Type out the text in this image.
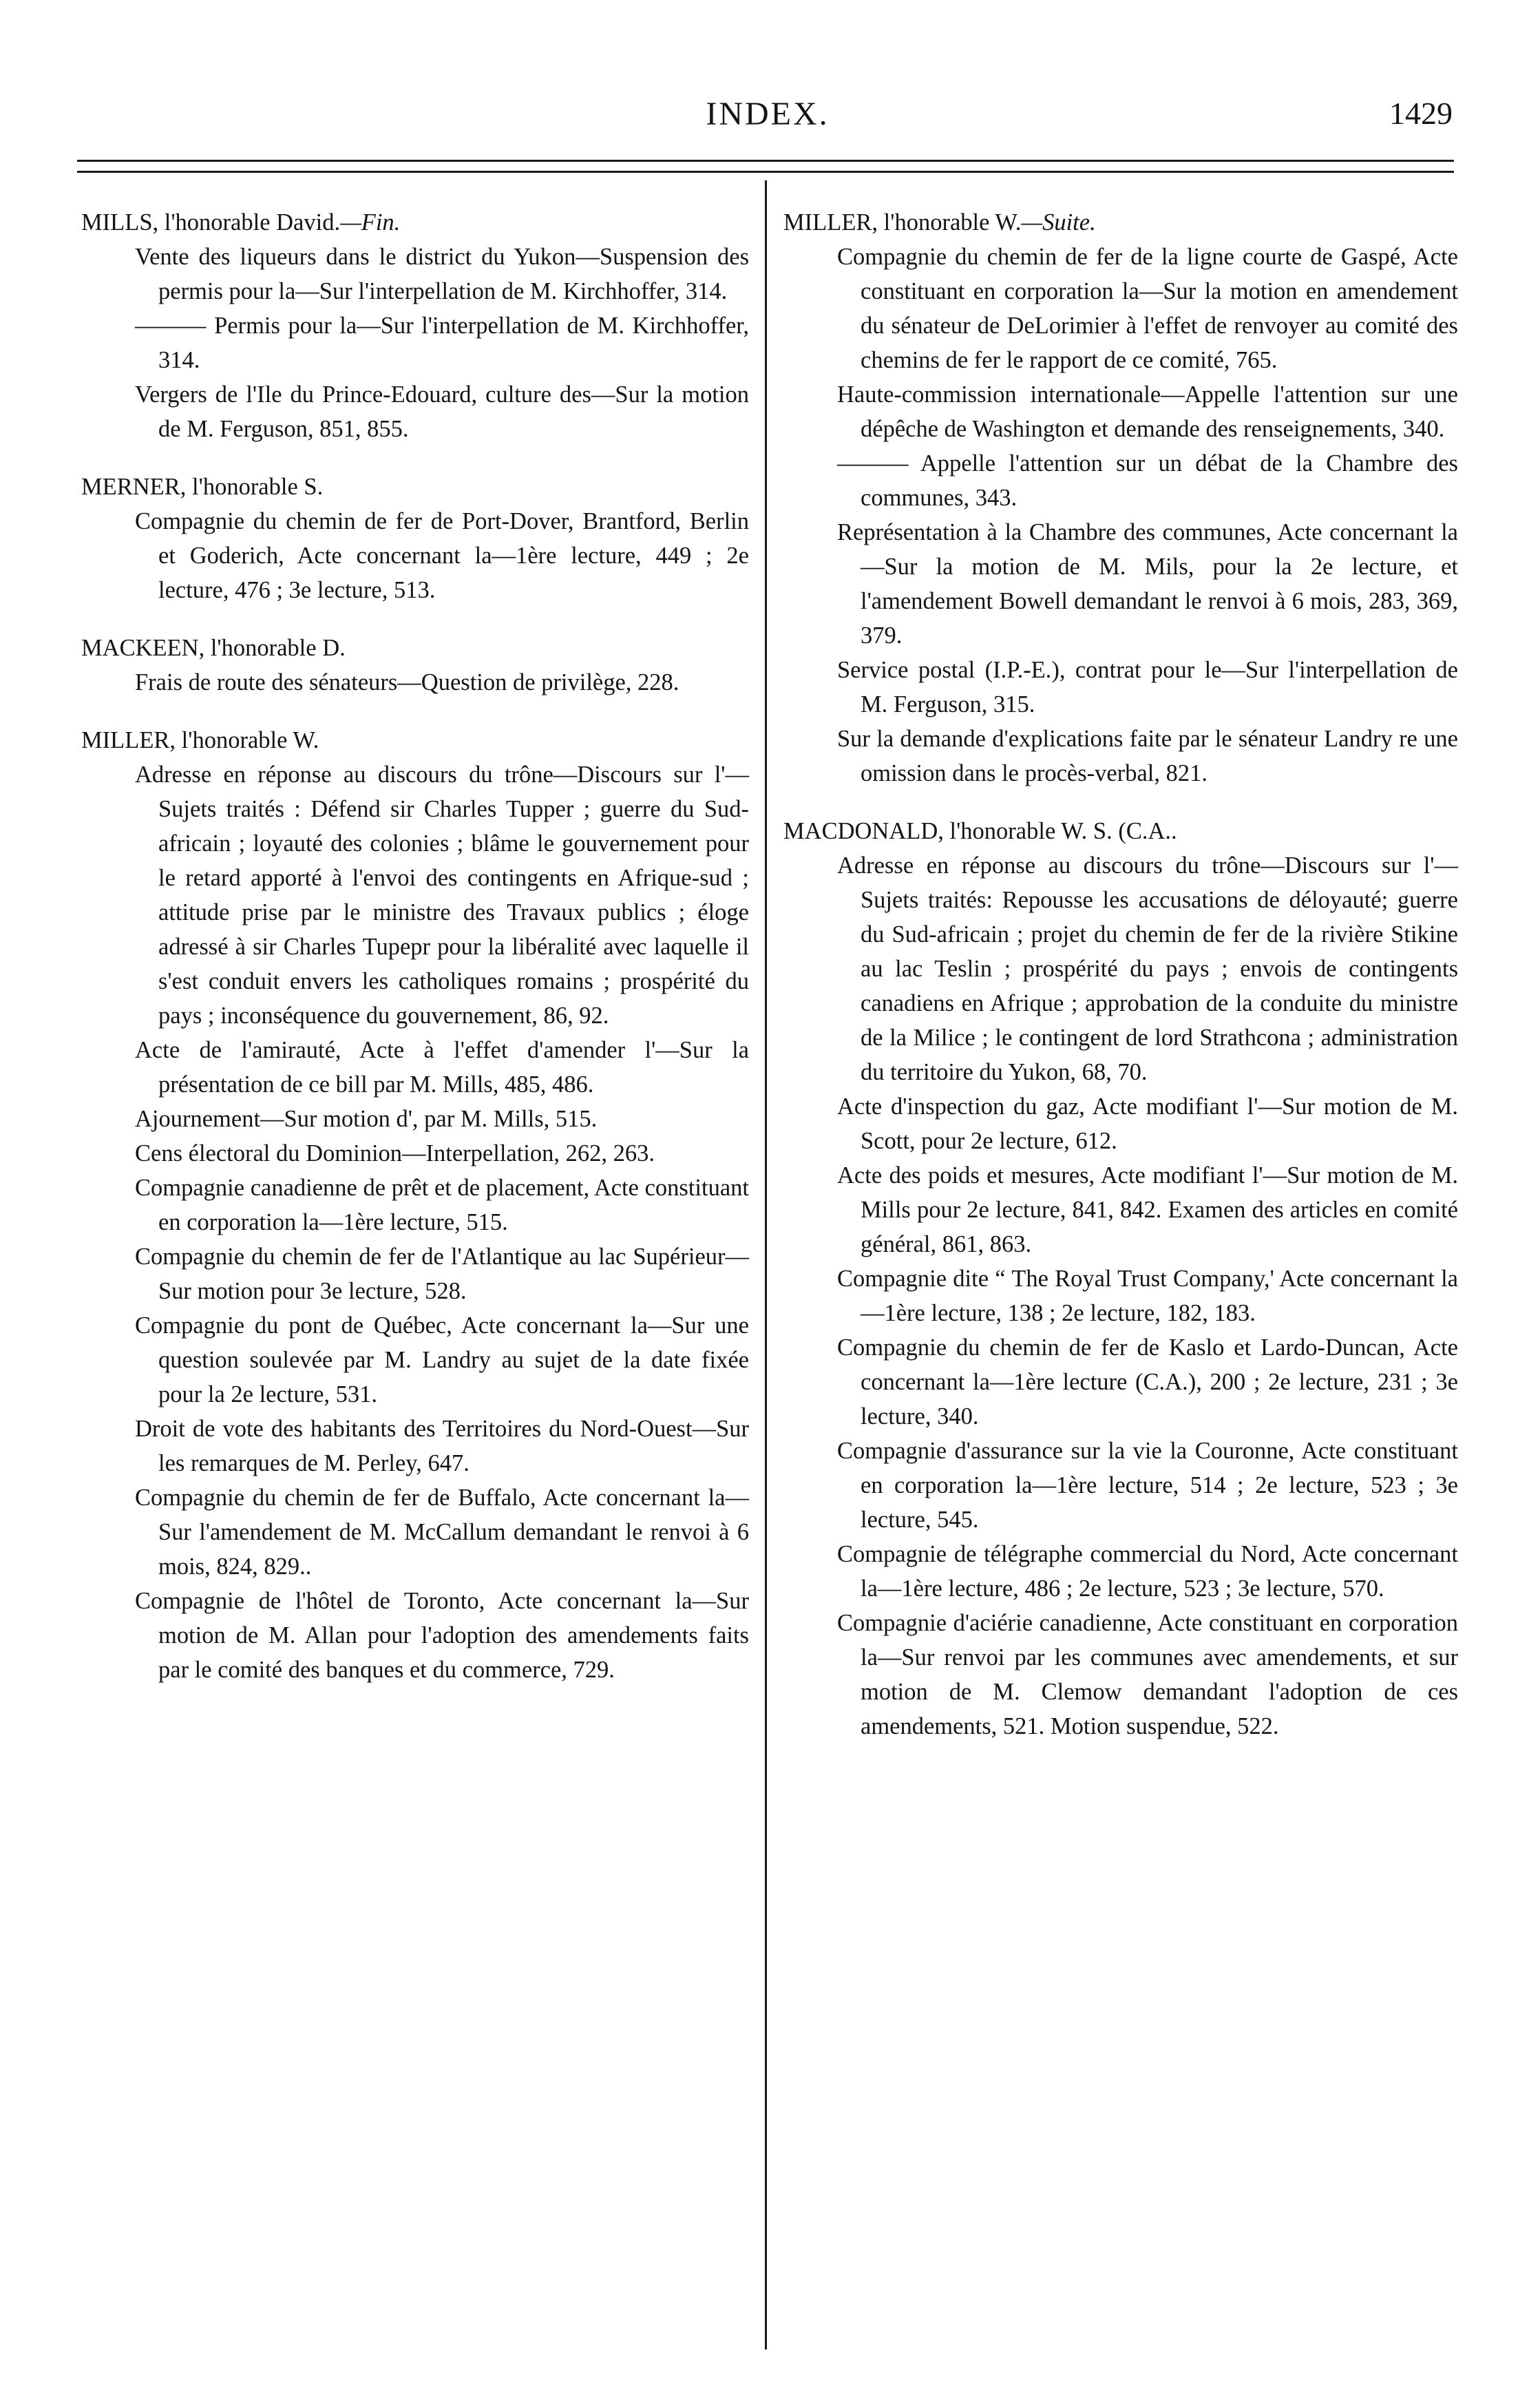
INDEX.	1429
MILLS, l'honorable David.—Fin.
Vente des liqueurs dans le district du Yukon—Suspension des permis pour la—Sur l'interpellation de M. Kirchhoffer, 314.
——— Permis pour la—Sur l'interpellation de M. Kirchhoffer, 314.
Vergers de l'Ile du Prince-Edouard, culture des—Sur la motion de M. Ferguson, 851, 855.
MERNER, l'honorable S.
Compagnie du chemin de fer de Port-Dover, Brantford, Berlin et Goderich, Acte concernant la—1ère lecture, 449 ; 2e lecture, 476 ; 3e lecture, 513.
MACKEEN, l'honorable D.
Frais de route des sénateurs—Question de privilège, 228.
MILLER, l'honorable W.
Adresse en réponse au discours du trône—Discours sur l'—Sujets traités : Défend sir Charles Tupper ; guerre du Sud-africain ; loyauté des colonies ; blâme le gouvernement pour le retard apporté à l'envoi des contingents en Afrique-sud ; attitude prise par le ministre des Travaux publics ; éloge adressé à sir Charles Tupepr pour la libéralité avec laquelle il s'est conduit envers les catholiques romains ; prospérité du pays ; inconséquence du gouvernement, 86, 92.
Acte de l'amirauté, Acte à l'effet d'amender l'—Sur la présentation de ce bill par M. Mills, 485, 486.
Ajournement—Sur motion d', par M. Mills, 515.
Cens électoral du Dominion—Interpellation, 262, 263.
Compagnie canadienne de prêt et de placement, Acte constituant en corporation la—1ère lecture, 515.
Compagnie du chemin de fer de l'Atlantique au lac Supérieur—Sur motion pour 3e lecture, 528.
Compagnie du pont de Québec, Acte concernant la—Sur une question soulevée par M. Landry au sujet de la date fixée pour la 2e lecture, 531.
Droit de vote des habitants des Territoires du Nord-Ouest—Sur les remarques de M. Perley, 647.
Compagnie du chemin de fer de Buffalo, Acte concernant la—Sur l'amendement de M. McCallum demandant le renvoi à 6 mois, 824, 829..
Compagnie de l'hôtel de Toronto, Acte concernant la—Sur motion de M. Allan pour l'adoption des amendements faits par le comité des banques et du commerce, 729.
MILLER, l'honorable W.—Suite.
Compagnie du chemin de fer de la ligne courte de Gaspé, Acte constituant en corporation la—Sur la motion en amendement du sénateur de DeLorimier à l'effet de renvoyer au comité des chemins de fer le rapport de ce comité, 765.
Haute-commission internationale—Appelle l'attention sur une dépêche de Washington et demande des renseignements, 340.
——— Appelle l'attention sur un débat de la Chambre des communes, 343.
Représentation à la Chambre des communes, Acte concernant la—Sur la motion de M. Mils, pour la 2e lecture, et l'amendement Bowell demandant le renvoi à 6 mois, 283, 369, 379.
Service postal (I.P.-E.), contrat pour le—Sur l'interpellation de M. Ferguson, 315.
Sur la demande d'explications faite par le sénateur Landry re une omission dans le procès-verbal, 821.
MACDONALD, l'honorable W. S. (C.A..
Adresse en réponse au discours du trône—Discours sur l'—Sujets traités: Repousse les accusations de déloyauté; guerre du Sud-africain ; projet du chemin de fer de la rivière Stikine au lac Teslin ; prospérité du pays ; envois de contingents canadiens en Afrique ; approbation de la conduite du ministre de la Milice ; le contingent de lord Strathcona ; administration du territoire du Yukon, 68, 70.
Acte d'inspection du gaz, Acte modifiant l'—Sur motion de M. Scott, pour 2e lecture, 612.
Acte des poids et mesures, Acte modifiant l'—Sur motion de M. Mills pour 2e lecture, 841, 842. Examen des articles en comité général, 861, 863.
Compagnie dite “ The Royal Trust Company,' Acte concernant la—1ère lecture, 138 ; 2e lecture, 182, 183.
Compagnie du chemin de fer de Kaslo et Lardo-Duncan, Acte concernant la—1ère lecture (C.A.), 200 ; 2e lecture, 231 ; 3e lecture, 340.
Compagnie d'assurance sur la vie la Couronne, Acte constituant en corporation la—1ère lecture, 514 ; 2e lecture, 523 ; 3e lecture, 545.
Compagnie de télégraphe commercial du Nord, Acte concernant la—1ère lecture, 486 ; 2e lecture, 523 ; 3e lecture, 570.
Compagnie d'aciérie canadienne, Acte constituant en corporation la—Sur renvoi par les communes avec amendements, et sur motion de M. Clemow demandant l'adoption de ces amendements, 521. Motion suspendue, 522.
